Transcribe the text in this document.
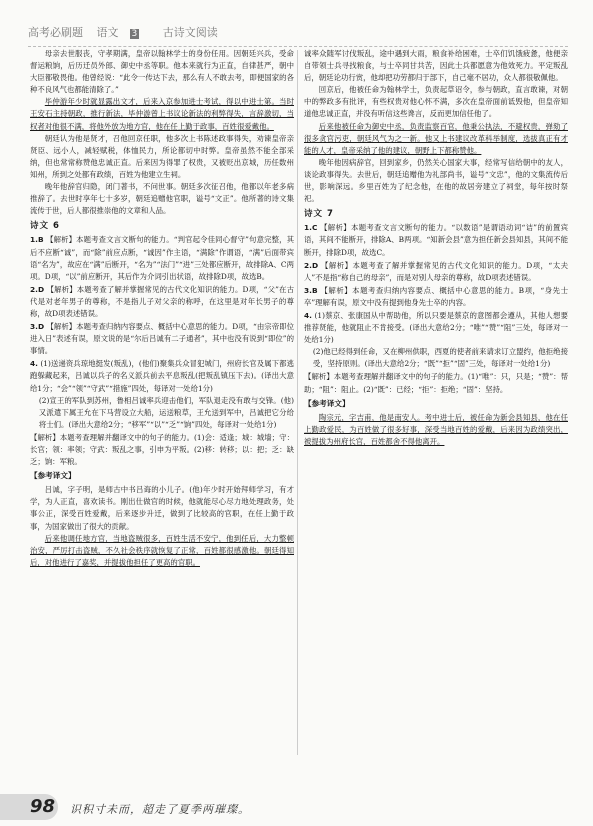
高考必刷题 语文 3 古诗文阅读

母亲去世服丧，守孝期满，皇帝以翰林学士的身份任用。因朝廷兴兵，受命督运粮饷，后历迁员外郎、御史中丞等职。他本来就行为正直，自律甚严，朝中大臣都敬畏他。他曾经说：“此令一传达下去，那么有人不敢去考，即便国家的各种不良风气也都能清除了。”

毕仲游年少时就显露出文才，后来入京参加进士考试，得以中进士第。当时王安石主持朝政，推行新法，毕仲游曾上书议论新法的利弊得失，言辞激切，当权者对他很不满，将他外放为地方官，他在任上勤于政事，百姓很爱戴他。

朝廷认为他是贤才，召他回京任职，他多次上书陈述政事得失，劝谏皇帝亲贤臣、远小人，减轻赋税，体恤民力，所论都切中时弊。皇帝虽然不能全部采纳，但也常常称赞他忠诚正直。后来因为得罪了权贵，又被贬出京城，历任数州知州，所到之处都有政绩，百姓为他建立生祠。

晚年他辞官归隐，闭门著书，不问世事。朝廷多次征召他，他都以年老多病推辞了。去世时享年七十多岁，朝廷追赠他官职，谥号“文正”。他所著的诗文集流传于世，后人都很推崇他的文章和人品。

诗文 6

1.B 【解析】本题考查文言文断句的能力。“判官起令佳同心督守”句意完整，其后不应断“诚”，而“除”前应点断，“诚因”作主语，“满除”作谓语，“满”后面带宾语“名为”，故应在“满”后断开，“名为”“法门”“进”三处都应断开，故排除A、C两项。D项，“以”前应断开，其后作为介词引出状语，故排除D项，故选B。

2.D 【解析】本题考查了解并掌握常见的古代文化知识的能力。D项，“父”在古代是对老年男子的尊称，不是指儿子对父亲的称呼，在这里是对年长男子的尊称，故D项表述错误。

3.D 【解析】本题考查归纳内容要点、概括中心意思的能力。D项，“由宗帝即位进入日”表述有误，原文说的是“尔后吕诚有二子通者”，其中也没有说到“即位”的事情。

4. (1)送递资兵琼地挺发(叛乱)，(他们)聚集兵众冒犯城门，州府长官及属下都逃跑躲藏起来，吕诚以兵子的名义派兵前去平息叛乱(把叛乱镇压下去)。(译出大意给1分；“会”“领”“守武”“措施”四处，每译对一处给1分)

(2)宣王的军队到苏州，鲁相吕诚率兵迎击他们，军队退走没有敢与交锋。(他)又派遣下属王允在下马营设立大船，运送粮草，王允送到军中，吕诚把它分给将士们。(译出大意给2分；“移军”“以”“乏”“饷”四处，每译对一处给1分)

【解析】本题考查理解并翻译文中的句子的能力。(1)会：适逢；城：城墙；守：长官；领：率领；守武：叛乱之事，引申为平叛。(2)移：转移；以：把；乏：缺乏；饷：军粮。

【参考译文】

吕诚，字子明，是师古中书吕诲的小儿子。(他)年少时开始拜师学习，有才学，为人正直，喜欢读书。刚出仕做官的时候，他就能尽心尽力地处理政务，处事公正，深受百姓爱戴，后来逐步升迁，做到了比较高的官职，在任上勤于政事，为国家做出了很大的贡献。

后来他调任地方官，当地盗贼很多，百姓生活不安宁，他到任后，大力整顿治安，严厉打击盗贼，不久社会秩序就恢复了正常，百姓都很感激他。朝廷得知后，对他进行了嘉奖，并提拔他担任了更高的官职。

诚率众随军讨伐叛乱，途中遇到大雨，粮食补给困难，士卒们饥饿疲惫，他便亲自带领士兵寻找粮食，与士卒同甘共苦，因此士兵都愿意为他效死力。平定叛乱后，朝廷论功行赏，他却把功劳都归于部下，自己毫不居功，众人都很敬佩他。

回京后，他被任命为翰林学士，负责起草诏令，参与朝政，直言敢谏，对朝中的弊政多有批评，有些权贵对他心怀不满，多次在皇帝面前诋毁他，但皇帝知道他忠诚正直，并没有听信这些谗言，反而更加信任他了。

后来他被任命为御史中丞，负责监察百官，他秉公执法，不避权贵，弹劾了很多贪官污吏，朝廷风气为之一新。他又上书建议改革科举制度，选拔真正有才能的人才，皇帝采纳了他的建议，朝野上下都称赞他。

晚年他因病辞官，回到家乡，仍然关心国家大事，经常写信给朝中的友人，谈论政事得失。去世后，朝廷追赠他为礼部尚书，谥号“文忠”，他的文集流传后世，影响深远。乡里百姓为了纪念他，在他的故居旁建立了祠堂，每年按时祭祀。

诗文 7

1.C 【解析】本题考查文言文断句的能力。“以数语”是谓语动词“诘”的前置宾语，其间不能断开，排除A、B两项。“知新会县”意为担任新会县知县，其间不能断开，排除D项，故选C。

2.D 【解析】本题考查了解并掌握常见的古代文化知识的能力。D项，“太夫人”不是指“称自己的母亲”，而是对别人母亲的尊称，故D项表述错误。

3.B 【解析】本题考查归纳内容要点、概括中心意思的能力。B项，“身先士卒”理解有误，原文中没有提到他身先士卒的内容。

4. (1)蔡京、张康国从中帮助他，所以只要是蔡京的意图都会遵从，其他人想要推荐贤能，他就阻止不肯接受。(译出大意给2分；“唯”“赞”“阻”三处，每译对一处给1分)

(2)他已经得到任命，又在柳州供职，西夏的使者前来请求订立盟约，他拒绝接受，坚持原则。(译出大意给2分；“既”“拒”“固”三处，每译对一处给1分)

【解析】本题考查理解并翻译文中的句子的能力。(1)“唯”：只，只是；“赞”：帮助；“阻”：阻止。(2)“既”：已经；“拒”：拒绝；“固”：坚持。

【参考译文】

陶宗元，字吉甫，他是南安人。考中进士后，被任命为新会县知县，他在任上勤政爱民，为百姓做了很多好事，深受当地百姓的爱戴，后来因为政绩突出，被提拔为州府长官，百姓都舍不得他离开。

98 识积寸未而，超走了夏季两璀璨。
